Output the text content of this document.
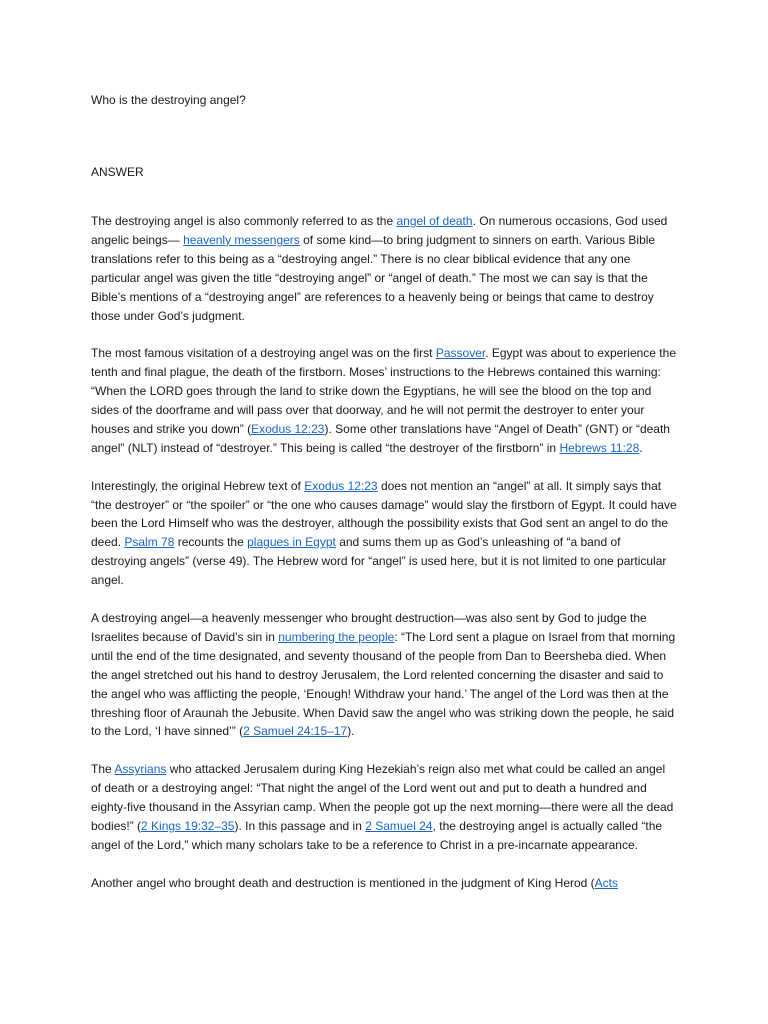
Who is the destroying angel?

ANSWER

The destroying angel is also commonly referred to as the angel of death. On numerous occasions, God used angelic beings— heavenly messengers of some kind—to bring judgment to sinners on earth. Various Bible translations refer to this being as a “destroying angel.” There is no clear biblical evidence that any one particular angel was given the title “destroying angel” or “angel of death.” The most we can say is that the Bible’s mentions of a “destroying angel” are references to a heavenly being or beings that came to destroy those under God’s judgment.

The most famous visitation of a destroying angel was on the first Passover. Egypt was about to experience the tenth and final plague, the death of the firstborn. Moses’ instructions to the Hebrews contained this warning: “When the LORD goes through the land to strike down the Egyptians, he will see the blood on the top and sides of the doorframe and will pass over that doorway, and he will not permit the destroyer to enter your houses and strike you down” (Exodus 12:23). Some other translations have “Angel of Death” (GNT) or “death angel” (NLT) instead of “destroyer.” This being is called “the destroyer of the firstborn” in Hebrews 11:28.

Interestingly, the original Hebrew text of Exodus 12:23 does not mention an “angel” at all. It simply says that “the destroyer” or “the spoiler” or “the one who causes damage” would slay the firstborn of Egypt. It could have been the Lord Himself who was the destroyer, although the possibility exists that God sent an angel to do the deed. Psalm 78 recounts the plagues in Egypt and sums them up as God’s unleashing of “a band of destroying angels” (verse 49). The Hebrew word for “angel” is used here, but it is not limited to one particular angel.

A destroying angel—a heavenly messenger who brought destruction—was also sent by God to judge the Israelites because of David’s sin in numbering the people: “The Lord sent a plague on Israel from that morning until the end of the time designated, and seventy thousand of the people from Dan to Beersheba died. When the angel stretched out his hand to destroy Jerusalem, the Lord relented concerning the disaster and said to the angel who was afflicting the people, ‘Enough! Withdraw your hand.’ The angel of the Lord was then at the threshing floor of Araunah the Jebusite. When David saw the angel who was striking down the people, he said to the Lord, ‘I have sinned’” (2 Samuel 24:15–17).

The Assyrians who attacked Jerusalem during King Hezekiah’s reign also met what could be called an angel of death or a destroying angel: “That night the angel of the Lord went out and put to death a hundred and eighty-five thousand in the Assyrian camp. When the people got up the next morning—there were all the dead bodies!” (2 Kings 19:32–35). In this passage and in 2 Samuel 24, the destroying angel is actually called “the angel of the Lord,” which many scholars take to be a reference to Christ in a pre-incarnate appearance.

Another angel who brought death and destruction is mentioned in the judgment of King Herod (Acts
